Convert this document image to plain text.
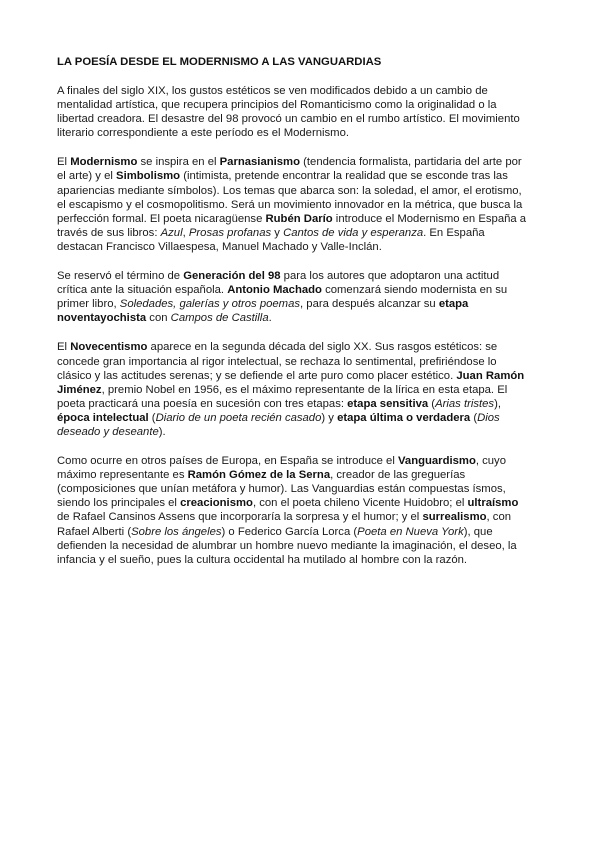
LA POESÍA DESDE EL MODERNISMO A LAS VANGUARDIAS

A finales del siglo XIX, los gustos estéticos se ven modificados debido a un cambio de mentalidad artística, que recupera principios del Romanticismo como la originalidad o la libertad creadora. El desastre del 98 provocó un cambio en el rumbo artístico. El movimiento literario correspondiente a este período es el Modernismo.

El Modernismo se inspira en el Parnasianismo (tendencia formalista, partidaria del arte por el arte) y el Simbolismo (intimista, pretende encontrar la realidad que se esconde tras las apariencias mediante símbolos). Los temas que abarca son: la soledad, el amor, el erotismo, el escapismo y el cosmopolitismo. Será un movimiento innovador en la métrica, que busca la perfección formal. El poeta nicaragüense Rubén Darío introduce el Modernismo en España a través de sus libros: Azul, Prosas profanas y Cantos de vida y esperanza. En España destacan Francisco Villaespesa, Manuel Machado y Valle-Inclán.

Se reservó el término de Generación del 98 para los autores que adoptaron una actitud crítica ante la situación española. Antonio Machado comenzará siendo modernista en su primer libro, Soledades, galerías y otros poemas, para después alcanzar su etapa noventayochista con Campos de Castilla.

El Novecentismo aparece en la segunda década del siglo XX. Sus rasgos estéticos: se concede gran importancia al rigor intelectual, se rechaza lo sentimental, prefiriéndose lo clásico y las actitudes serenas; y se defiende el arte puro como placer estético. Juan Ramón Jiménez, premio Nobel en 1956, es el máximo representante de la lírica en esta etapa. El poeta practicará una poesía en sucesión con tres etapas: etapa sensitiva (Arias tristes), época intelectual (Diario de un poeta recién casado) y etapa última o verdadera (Dios deseado y deseante).

Como ocurre en otros países de Europa, en España se introduce el Vanguardismo, cuyo máximo representante es Ramón Gómez de la Serna, creador de las greguerías (composiciones que unían metáfora y humor). Las Vanguardias están compuestas ísmos, siendo los principales el creacionismo, con el poeta chileno Vicente Huidobro; el ultraísmo de Rafael Cansinos Assens que incorporaría la sorpresa y el humor; y el surrealismo, con Rafael Alberti (Sobre los ángeles) o Federico García Lorca (Poeta en Nueva York), que defienden la necesidad de alumbrar un hombre nuevo mediante la imaginación, el deseo, la infancia y el sueño, pues la cultura occidental ha mutilado al hombre con la razón.
